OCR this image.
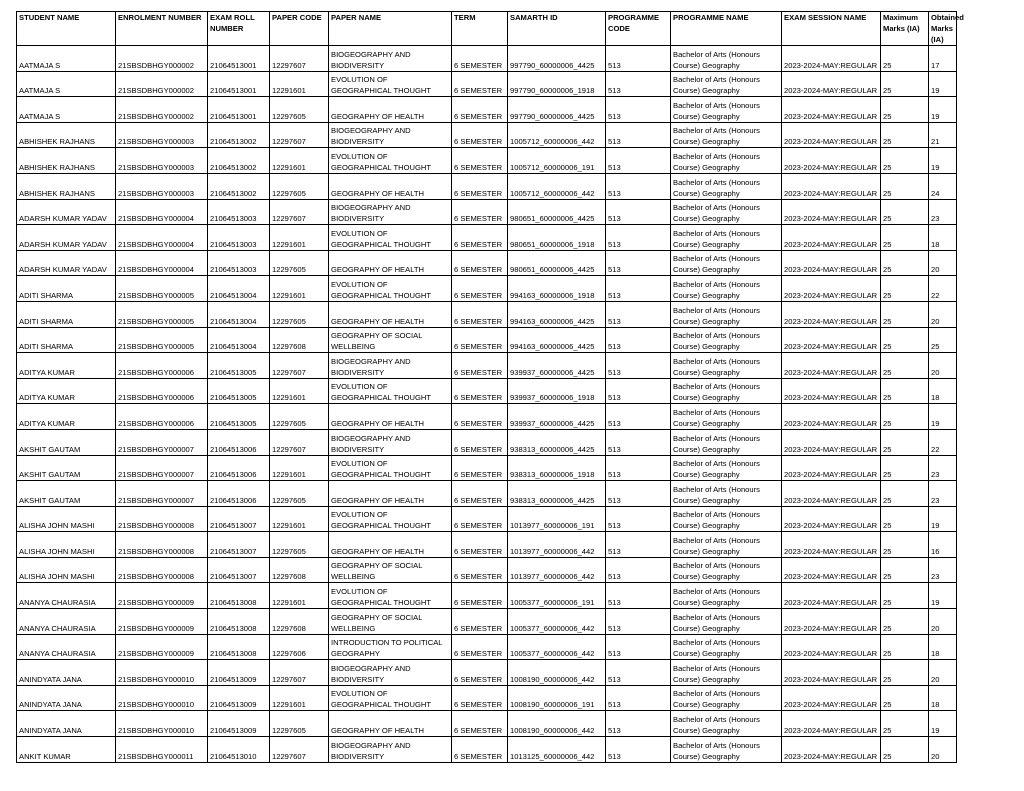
STUDENT NAME	ENROLMENT NUMBER	EXAM ROLL NUMBER	PAPER CODE	PAPER NAME	TERM	SAMARTH ID	PROGRAMME CODE	PROGRAMME NAME	EXAM SESSION NAME	Maximum Marks (IA)	Obtained Marks (IA)
AATMAJA S	21SBSDBHGY000002	21064513001	12297607	BIOGEOGRAPHY AND BIODIVERSITY	6 SEMESTER	997790_60000006_4425	513	Bachelor of Arts (Honours Course) Geography	2023-2024-MAY:REGULAR	25	17
AATMAJA S	21SBSDBHGY000002	21064513001	12291601	EVOLUTION OF GEOGRAPHICAL THOUGHT	6 SEMESTER	997790_60000006_1918	513	Bachelor of Arts (Honours Course) Geography	2023-2024-MAY:REGULAR	25	19
AATMAJA S	21SBSDBHGY000002	21064513001	12297605	GEOGRAPHY OF HEALTH	6 SEMESTER	997790_60000006_4425	513	Bachelor of Arts (Honours Course) Geography	2023-2024-MAY:REGULAR	25	19
ABHISHEK RAJHANS	21SBSDBHGY000003	21064513002	12297607	BIOGEOGRAPHY AND BIODIVERSITY	6 SEMESTER	1005712_60000006_442	513	Bachelor of Arts (Honours Course) Geography	2023-2024-MAY:REGULAR	25	21
ABHISHEK RAJHANS	21SBSDBHGY000003	21064513002	12291601	EVOLUTION OF GEOGRAPHICAL THOUGHT	6 SEMESTER	1005712_60000006_191	513	Bachelor of Arts (Honours Course) Geography	2023-2024-MAY:REGULAR	25	19
ABHISHEK RAJHANS	21SBSDBHGY000003	21064513002	12297605	GEOGRAPHY OF HEALTH	6 SEMESTER	1005712_60000006_442	513	Bachelor of Arts (Honours Course) Geography	2023-2024-MAY:REGULAR	25	24
ADARSH KUMAR YADAV	21SBSDBHGY000004	21064513003	12297607	BIOGEOGRAPHY AND BIODIVERSITY	6 SEMESTER	980651_60000006_4425	513	Bachelor of Arts (Honours Course) Geography	2023-2024-MAY:REGULAR	25	23
ADARSH KUMAR YADAV	21SBSDBHGY000004	21064513003	12291601	EVOLUTION OF GEOGRAPHICAL THOUGHT	6 SEMESTER	980651_60000006_1918	513	Bachelor of Arts (Honours Course) Geography	2023-2024-MAY:REGULAR	25	18
ADARSH KUMAR YADAV	21SBSDBHGY000004	21064513003	12297605	GEOGRAPHY OF HEALTH	6 SEMESTER	980651_60000006_4425	513	Bachelor of Arts (Honours Course) Geography	2023-2024-MAY:REGULAR	25	20
ADITI SHARMA	21SBSDBHGY000005	21064513004	12291601	EVOLUTION OF GEOGRAPHICAL THOUGHT	6 SEMESTER	994163_60000006_1918	513	Bachelor of Arts (Honours Course) Geography	2023-2024-MAY:REGULAR	25	22
ADITI SHARMA	21SBSDBHGY000005	21064513004	12297605	GEOGRAPHY OF HEALTH	6 SEMESTER	994163_60000006_4425	513	Bachelor of Arts (Honours Course) Geography	2023-2024-MAY:REGULAR	25	20
ADITI SHARMA	21SBSDBHGY000005	21064513004	12297608	GEOGRAPHY OF SOCIAL WELLBEING	6 SEMESTER	994163_60000006_4425	513	Bachelor of Arts (Honours Course) Geography	2023-2024-MAY:REGULAR	25	25
ADITYA KUMAR	21SBSDBHGY000006	21064513005	12297607	BIOGEOGRAPHY AND BIODIVERSITY	6 SEMESTER	939937_60000006_4425	513	Bachelor of Arts (Honours Course) Geography	2023-2024-MAY:REGULAR	25	20
ADITYA KUMAR	21SBSDBHGY000006	21064513005	12291601	EVOLUTION OF GEOGRAPHICAL THOUGHT	6 SEMESTER	939937_60000006_1918	513	Bachelor of Arts (Honours Course) Geography	2023-2024-MAY:REGULAR	25	18
ADITYA KUMAR	21SBSDBHGY000006	21064513005	12297605	GEOGRAPHY OF HEALTH	6 SEMESTER	939937_60000006_4425	513	Bachelor of Arts (Honours Course) Geography	2023-2024-MAY:REGULAR	25	19
AKSHIT GAUTAM	21SBSDBHGY000007	21064513006	12297607	BIOGEOGRAPHY AND BIODIVERSITY	6 SEMESTER	938313_60000006_4425	513	Bachelor of Arts (Honours Course) Geography	2023-2024-MAY:REGULAR	25	22
AKSHIT GAUTAM	21SBSDBHGY000007	21064513006	12291601	EVOLUTION OF GEOGRAPHICAL THOUGHT	6 SEMESTER	938313_60000006_1918	513	Bachelor of Arts (Honours Course) Geography	2023-2024-MAY:REGULAR	25	23
AKSHIT GAUTAM	21SBSDBHGY000007	21064513006	12297605	GEOGRAPHY OF HEALTH	6 SEMESTER	938313_60000006_4425	513	Bachelor of Arts (Honours Course) Geography	2023-2024-MAY:REGULAR	25	23
ALISHA JOHN MASHI	21SBSDBHGY000008	21064513007	12291601	EVOLUTION OF GEOGRAPHICAL THOUGHT	6 SEMESTER	1013977_60000006_191	513	Bachelor of Arts (Honours Course) Geography	2023-2024-MAY:REGULAR	25	19
ALISHA JOHN MASHI	21SBSDBHGY000008	21064513007	12297605	GEOGRAPHY OF HEALTH	6 SEMESTER	1013977_60000006_442	513	Bachelor of Arts (Honours Course) Geography	2023-2024-MAY:REGULAR	25	16
ALISHA JOHN MASHI	21SBSDBHGY000008	21064513007	12297608	GEOGRAPHY OF SOCIAL WELLBEING	6 SEMESTER	1013977_60000006_442	513	Bachelor of Arts (Honours Course) Geography	2023-2024-MAY:REGULAR	25	23
ANANYA CHAURASIA	21SBSDBHGY000009	21064513008	12291601	EVOLUTION OF GEOGRAPHICAL THOUGHT	6 SEMESTER	1005377_60000006_191	513	Bachelor of Arts (Honours Course) Geography	2023-2024-MAY:REGULAR	25	19
ANANYA CHAURASIA	21SBSDBHGY000009	21064513008	12297608	GEOGRAPHY OF SOCIAL WELLBEING	6 SEMESTER	1005377_60000006_442	513	Bachelor of Arts (Honours Course) Geography	2023-2024-MAY:REGULAR	25	20
ANANYA CHAURASIA	21SBSDBHGY000009	21064513008	12297606	INTRODUCTION TO POLITICAL GEOGRAPHY	6 SEMESTER	1005377_60000006_442	513	Bachelor of Arts (Honours Course) Geography	2023-2024-MAY:REGULAR	25	18
ANINDYATA JANA	21SBSDBHGY000010	21064513009	12297607	BIOGEOGRAPHY AND BIODIVERSITY	6 SEMESTER	1008190_60000006_442	513	Bachelor of Arts (Honours Course) Geography	2023-2024-MAY:REGULAR	25	20
ANINDYATA JANA	21SBSDBHGY000010	21064513009	12291601	EVOLUTION OF GEOGRAPHICAL THOUGHT	6 SEMESTER	1008190_60000006_191	513	Bachelor of Arts (Honours Course) Geography	2023-2024-MAY:REGULAR	25	18
ANINDYATA JANA	21SBSDBHGY000010	21064513009	12297605	GEOGRAPHY OF HEALTH	6 SEMESTER	1008190_60000006_442	513	Bachelor of Arts (Honours Course) Geography	2023-2024-MAY:REGULAR	25	19
ANKIT KUMAR	21SBSDBHGY000011	21064513010	12297607	BIOGEOGRAPHY AND BIODIVERSITY	6 SEMESTER	1013125_60000006_442	513	Bachelor of Arts (Honours Course) Geography	2023-2024-MAY:REGULAR	25	20
